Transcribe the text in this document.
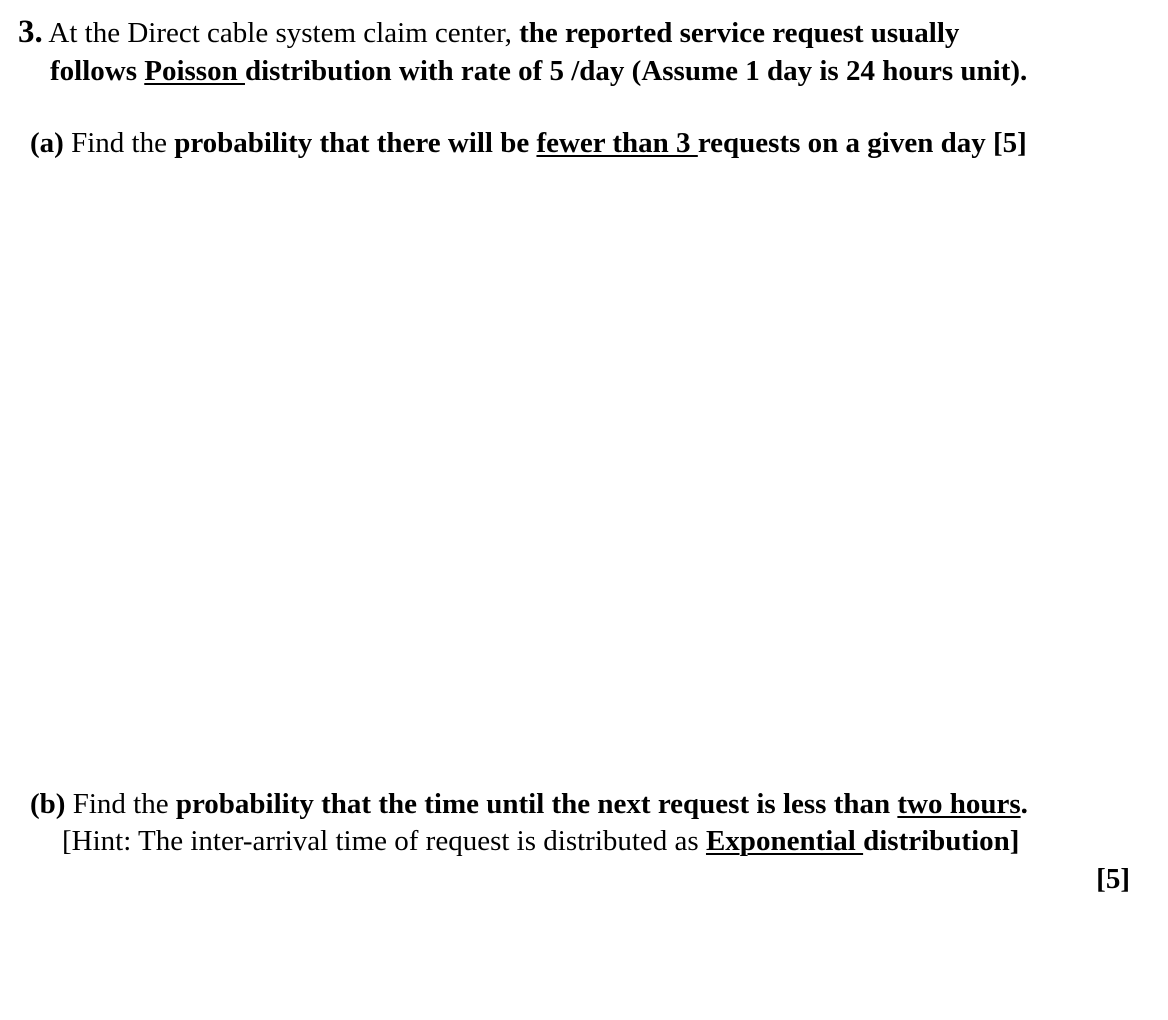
3. At the Direct cable system claim center, the reported service request usually
follows Poisson distribution with rate of 5 /day (Assume 1 day is 24 hours unit).
(a) Find the probability that there will be fewer than 3 requests on a given day [5]
(b) Find the probability that the time until the next request is less than two hours.
[Hint: The inter-arrival time of request is distributed as Exponential distribution]
[5]
